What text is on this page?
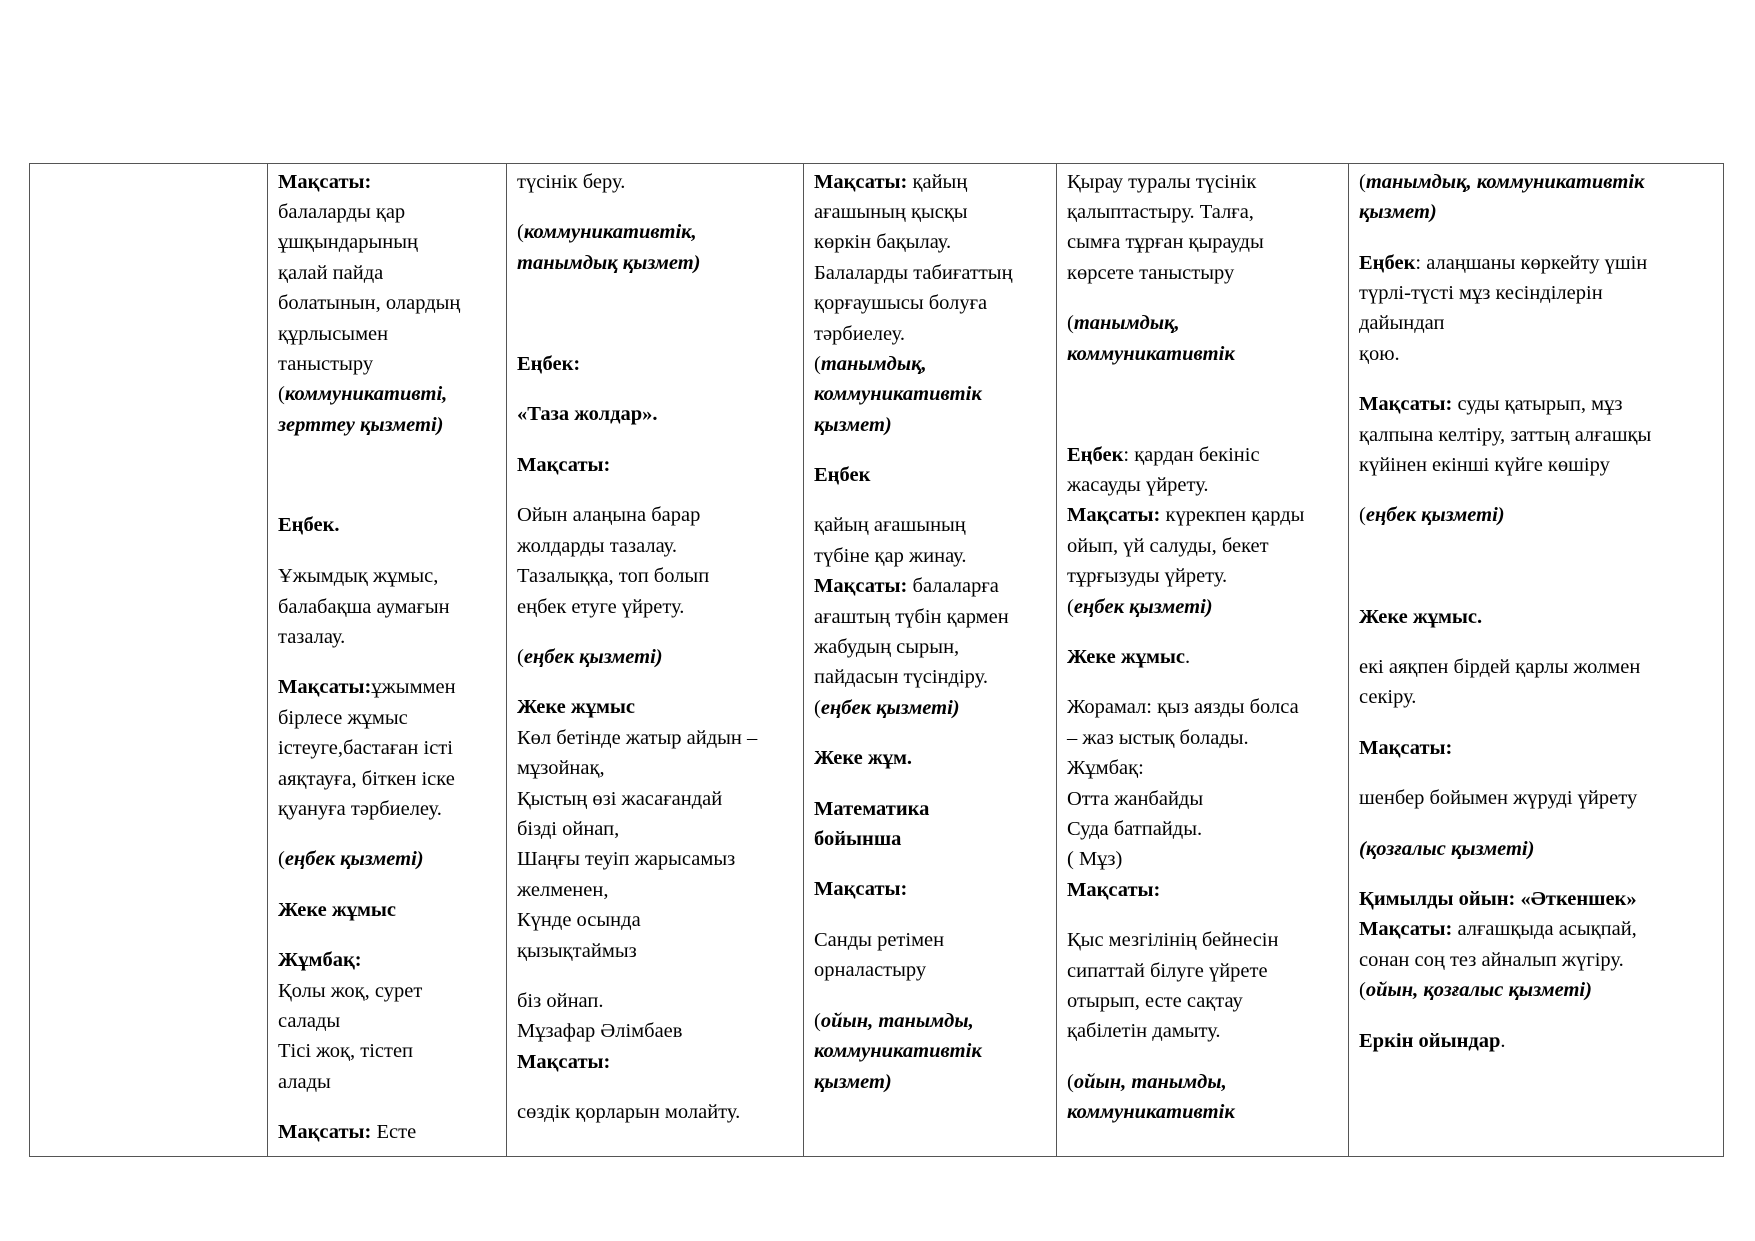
Мақсаты:
балаларды қар
ұшқындарының
қалай пайда
болатынын, олардың
құрлысымен
таныстыру
(коммуникативті,
зерттеу қызметі)
Еңбек.
Ұжымдық жұмыс,
балабақша аумағын
тазалау.
Мақсаты:ұжыммен
бірлесе жұмыс
істеуге,бастаған істі
аяқтауға, біткен іске
қуануға тәрбиелеу.
(еңбек қызметі)
Жеке жұмыс
Жұмбақ:
Қолы жоқ, сурет
салады
Тісі жоқ, тістеп
алады
Мақсаты: Есте
түсінік беру.
(коммуникативтік,
танымдық қызмет)
Еңбек:
«Таза жолдар».
Мақсаты:
Ойын алаңына барар
жолдарды тазалау.
Тазалыққа, топ болып
еңбек етуге үйрету.
(еңбек қызметі)
Жеке жұмыс
Көл бетінде жатыр айдын –
мұзойнақ,
Қыстың өзі жасағандай
бізді ойнап,
Шаңғы теуіп жарысамыз
желменен,
Күнде осында
қызықтаймыз
біз ойнап.
Мұзафар Әлімбаев
Мақсаты:
сөздік қорларын молайту.
Мақсаты: қайың
ағашының қысқы
көркін бақылау.
Балаларды табиғаттың
қорғаушысы болуға
тәрбиелеу.
(танымдық,
коммуникативтік
қызмет)
Еңбек
қайың ағашының
түбіне қар жинау.
Мақсаты: балаларға
ағаштың түбін қармен
жабудың сырын,
пайдасын түсіндіру.
(еңбек қызметі)
Жеке жұм.
Математика
бойынша
Мақсаты:
Санды ретімен
орналастыру
(ойын, танымды,
коммуникативтік
қызмет)
Қырау туралы түсінік
қалыптастыру. Талға,
сымға тұрған қырауды
көрсете таныстыру
(танымдық,
коммуникативтік
Еңбек: қардан бекініс
жасауды үйрету.
Мақсаты: күрекпен қарды
ойып, үй салуды, бекет
тұрғызуды үйрету.
(еңбек қызметі)
Жеке жұмыс.
Жорамал: қыз аязды болса
– жаз ыстық болады.
Жұмбақ:
Отта жанбайды
Суда батпайды.
( Мұз)
Мақсаты:
Қыс мезгілінің бейнесін
сипаттай білуге үйрете
отырып, есте сақтау
қабілетін дамыту.
(ойын, танымды,
коммуникативтік
(танымдық, коммуникативтік
қызмет)
Еңбек: алаңшаны көркейту үшін
түрлі-түсті мұз кесінділерін
дайындап
қою.
Мақсаты: суды қатырып, мұз
қалпына келтіру, заттың алғашқы
күйінен екінші күйге көшіру
(еңбек қызметі)
Жеке жұмыс.
екі аяқпен бірдей қарлы жолмен
секіру.
Мақсаты:
шенбер бойымен жүруді үйрету
(қозғалыс қызметі)
Қимылды ойын: «Әткеншек»
Мақсаты: алғашқыда асықпай,
сонан соң тез айналып жүгіру.
(ойын, қозғалыс қызметі)
Еркін ойындар.
